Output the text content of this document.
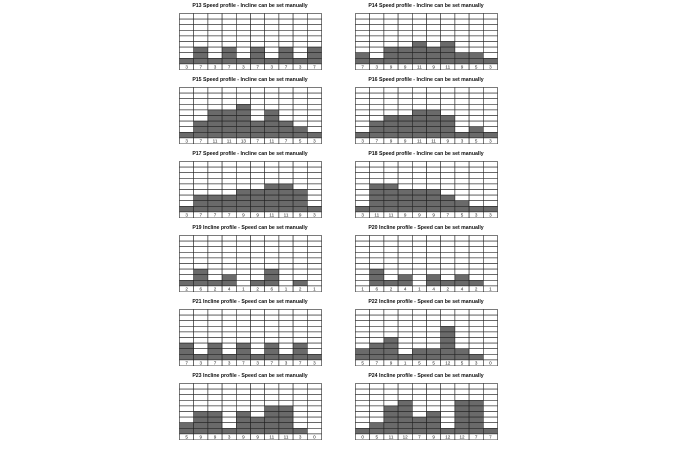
P13 Speed profile - Incline can be set manually
3	7	3	7	3	7	3	7	3	7
P14 Speed profile - Incline can be set manually
7	3	9	9 11 9 11 9	5	3
P15 Speed profile - Incline can be set manually
3	7 11 11 13 7 11 7	5	3
P16 Speed profile - Incline can be set manually
3	7	9	9 11 11 9	3	5	3
P17 Speed profile - Incline can be set manually
3	7	7	7	9	9 11 11 9	3
P18 Speed profile - Incline can be set manually
3 11 11 9	9	9	7	5	3	3
P19 Incline profile - Speed can be set manually
2	6	2	4	1	2	6	1	2	1
P20 Incline profile - Speed can be set manually
1	6	2	4	1	4	2	4	2	1
P21 Incline profile - Speed can be set manually
7	3	7	3	7	3	7	3	7	3
P22 Incline profile - Speed can be set manually
5	7	9	1	5	5 12 5	3	0
P23 Incline profile - Speed can be set manually
5	9	9	3	9	9 11 11 3	0
P24 Incline profile - Speed can be set manually
0	5 11 12 7	9 12 12 7	7
